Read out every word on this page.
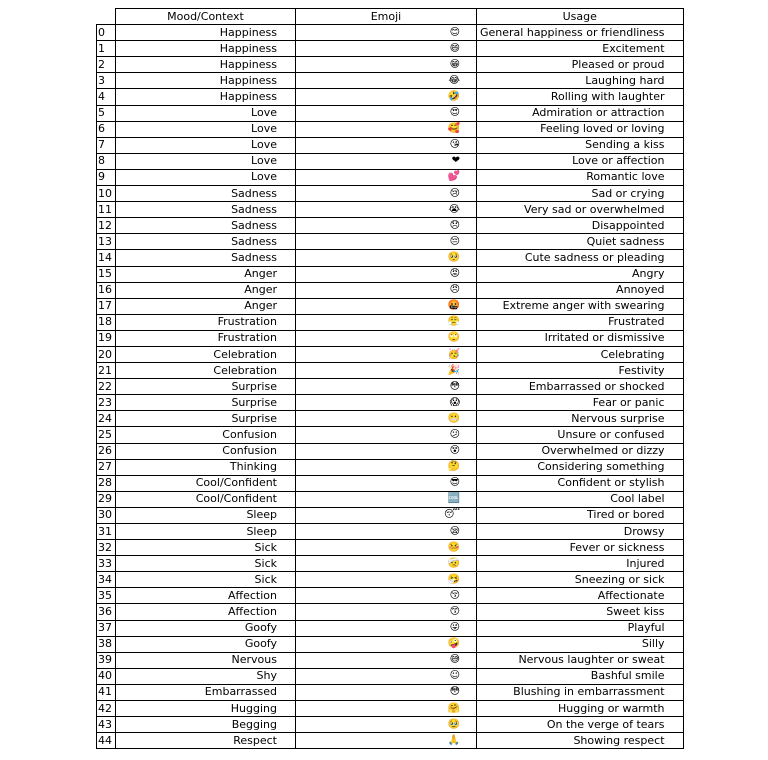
	Mood/Context	Emoji	Usage
0	Happiness	😊	General happiness or friendliness
1	Happiness	😄	Excitement
2	Happiness	😁	Pleased or proud
3	Happiness	😂	Laughing hard
4	Happiness	🤣	Rolling with laughter
5	Love	😍	Admiration or attraction
6	Love	🥰	Feeling loved or loving
7	Love	😘	Sending a kiss
8	Love	❤	Love or affection
9	Love	💕	Romantic love
10	Sadness	😢	Sad or crying
11	Sadness	😭	Very sad or overwhelmed
12	Sadness	😞	Disappointed
13	Sadness	😔	Quiet sadness
14	Sadness	🥺	Cute sadness or pleading
15	Anger	😡	Angry
16	Anger	😠	Annoyed
17	Anger	🤬	Extreme anger with swearing
18	Frustration	😤	Frustrated
19	Frustration	🙄	Irritated or dismissive
20	Celebration	🥳	Celebrating
21	Celebration	🎉	Festivity
22	Surprise	😳	Embarrassed or shocked
23	Surprise	😱	Fear or panic
24	Surprise	😬	Nervous surprise
25	Confusion	😕	Unsure or confused
26	Confusion	😵	Overwhelmed or dizzy
27	Thinking	🤔	Considering something
28	Cool/Confident	😎	Confident or stylish
29	Cool/Confident	🆒	Cool label
30	Sleep	😴	Tired or bored
31	Sleep	😪	Drowsy
32	Sick	🤒	Fever or sickness
33	Sick	🤕	Injured
34	Sick	🤧	Sneezing or sick
35	Affection	😚	Affectionate
36	Affection	😙	Sweet kiss
37	Goofy	😜	Playful
38	Goofy	🤪	Silly
39	Nervous	😅	Nervous laughter or sweat
40	Shy	☺	Bashful smile
41	Embarrassed	😳	Blushing in embarrassment
42	Hugging	🤗	Hugging or warmth
43	Begging	🥹	On the verge of tears
44	Respect	🙏	Showing respect
